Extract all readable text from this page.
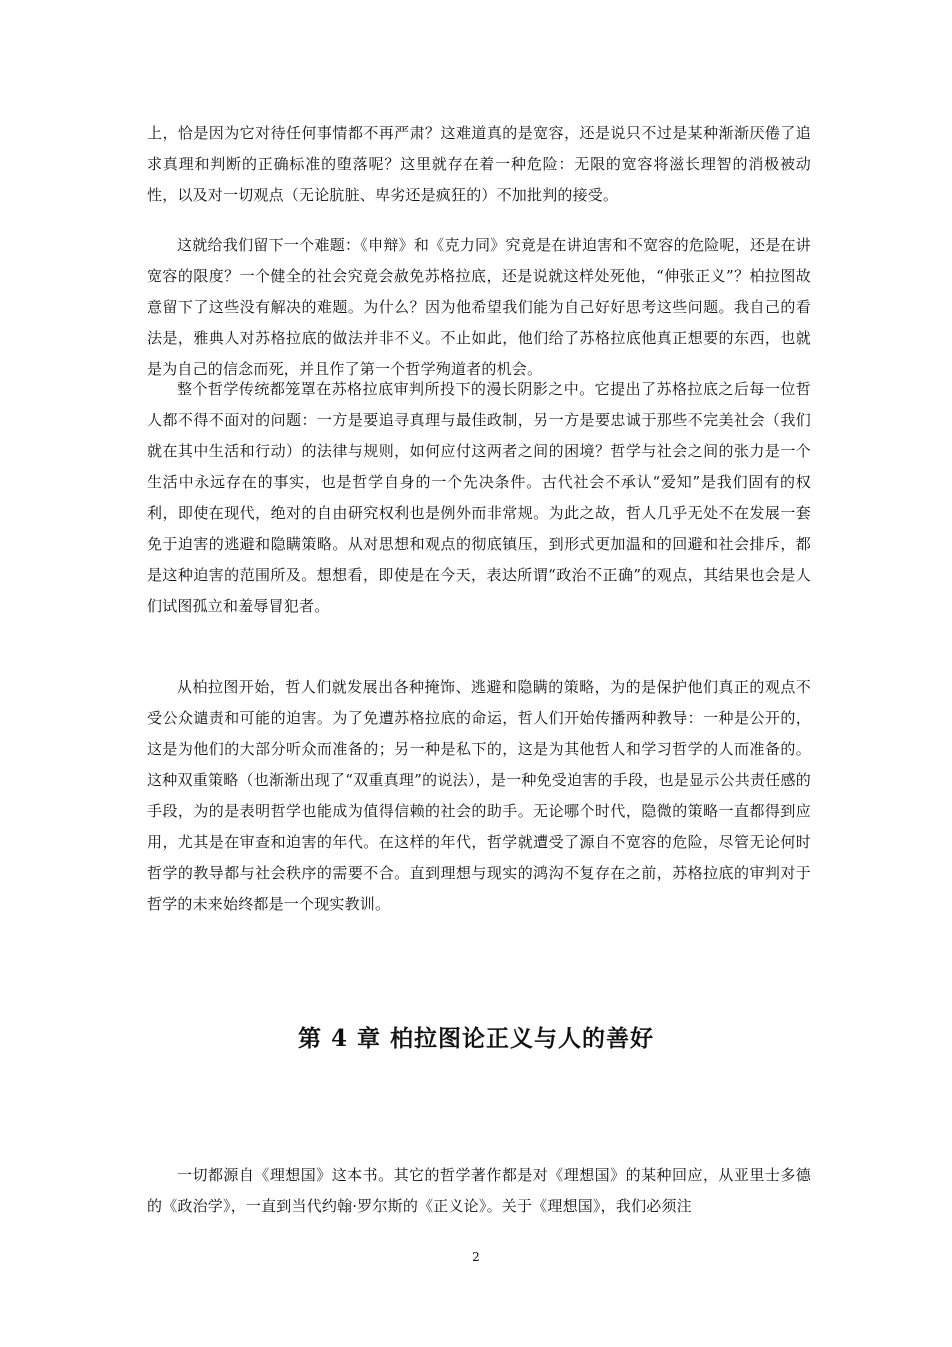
上，恰是因为它对待任何事情都不再严肃？这难道真的是宽容，还是说只不过是某种渐渐厌倦了追求真理和判断的正确标准的堕落呢？这里就存在着一种危险：无限的宽容将滋长理智的消极被动性，以及对一切观点（无论肮脏、卑劣还是疯狂的）不加批判的接受。

这就给我们留下一个难题：《申辩》和《克力同》究竟是在讲迫害和不宽容的危险呢，还是在讲宽容的限度？一个健全的社会究竟会赦免苏格拉底，还是说就这样处死他，“伸张正义”？柏拉图故意留下了这些没有解决的难题。为什么？因为他希望我们能为自己好好思考这些问题。我自己的看法是，雅典人对苏格拉底的做法并非不义。不止如此，他们给了苏格拉底他真正想要的东西，也就是为自己的信念而死，并且作了第一个哲学殉道者的机会。

整个哲学传统都笼罩在苏格拉底审判所投下的漫长阴影之中。它提出了苏格拉底之后每一位哲人都不得不面对的问题：一方是要追寻真理与最佳政制，另一方是要忠诚于那些不完美社会（我们就在其中生活和行动）的法律与规则，如何应付这两者之间的困境？哲学与社会之间的张力是一个生活中永远存在的事实，也是哲学自身的一个先决条件。古代社会不承认“爱知”是我们固有的权利，即使在现代，绝对的自由研究权利也是例外而非常规。为此之故，哲人几乎无处不在发展一套免于迫害的逃避和隐瞒策略。从对思想和观点的彻底镇压，到形式更加温和的回避和社会排斥，都是这种迫害的范围所及。想想看，即使是在今天，表达所谓“政治不正确”的观点，其结果也会是人们试图孤立和羞辱冒犯者。

从柏拉图开始，哲人们就发展出各种掩饰、逃避和隐瞒的策略，为的是保护他们真正的观点不受公众谴责和可能的迫害。为了免遭苏格拉底的命运，哲人们开始传播两种教导：一种是公开的，这是为他们的大部分听众而准备的；另一种是私下的，这是为其他哲人和学习哲学的人而准备的。这种双重策略（也渐渐出现了“双重真理”的说法），是一种免受迫害的手段，也是显示公共责任感的手段，为的是表明哲学也能成为值得信赖的社会的助手。无论哪个时代，隐微的策略一直都得到应用，尤其是在审查和迫害的年代。在这样的年代，哲学就遭受了源自不宽容的危险，尽管无论何时哲学的教导都与社会秩序的需要不合。直到理想与现实的鸿沟不复存在之前，苏格拉底的审判对于哲学的未来始终都是一个现实教训。

第 4 章 柏拉图论正义与人的善好

一切都源自《理想国》这本书。其它的哲学著作都是对《理想国》的某种回应，从亚里士多德的《政治学》，一直到当代约翰·罗尔斯的《正义论》。关于《理想国》，我们必须注

2
